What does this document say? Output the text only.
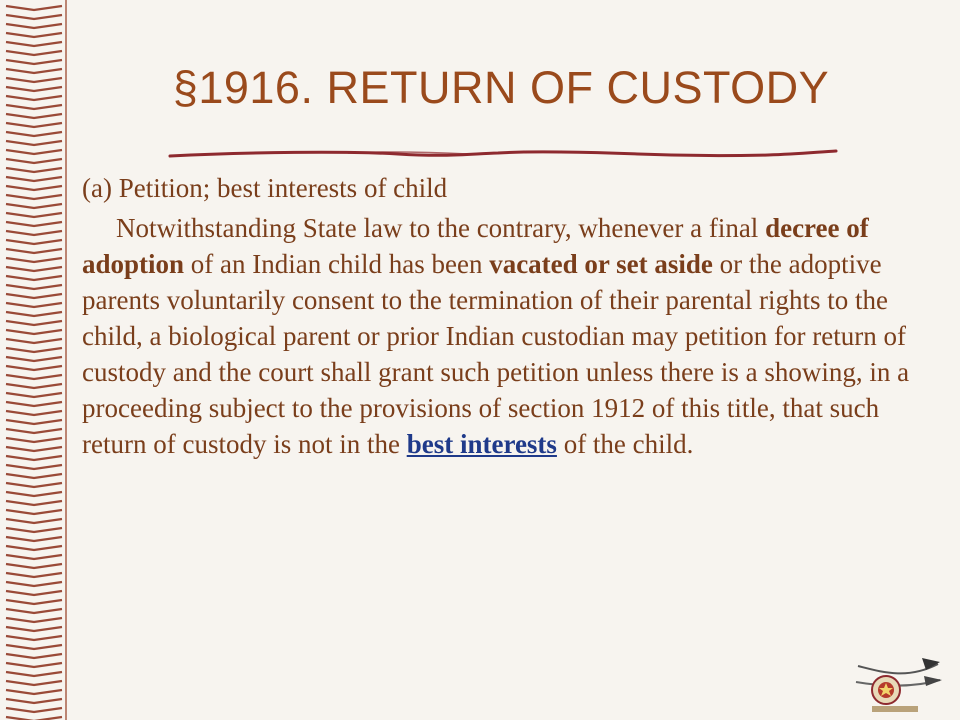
§1916. RETURN OF CUSTODY

(a) Petition; best interests of child

Notwithstanding State law to the contrary, whenever a final decree of adoption of an Indian child has been vacated or set aside or the adoptive parents voluntarily consent to the termination of their parental rights to the child, a biological parent or prior Indian custodian may petition for return of custody and the court shall grant such petition unless there is a showing, in a proceeding subject to the provisions of section 1912 of this title, that such return of custody is not in the best interests of the child.
